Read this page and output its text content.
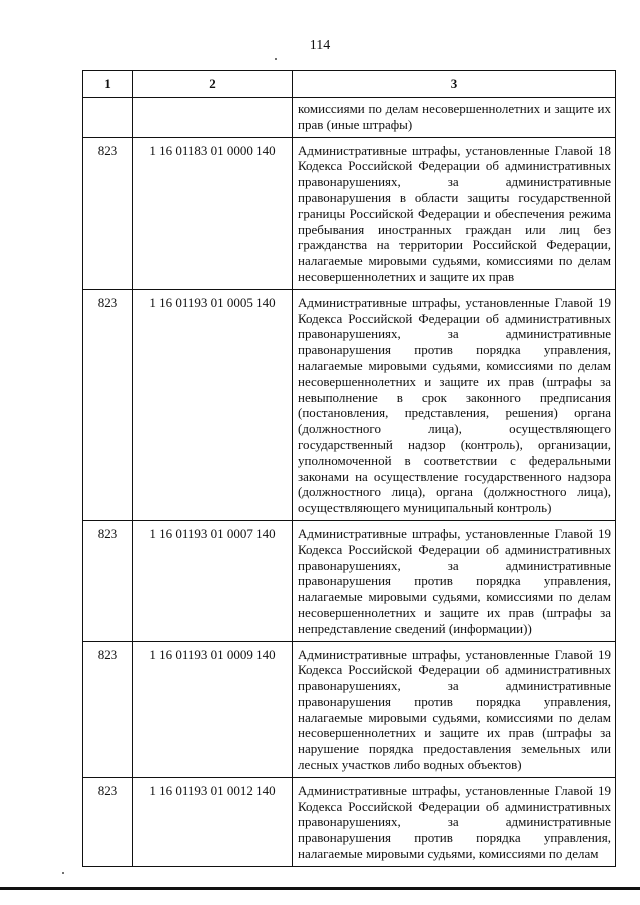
114
1	2	3
		комиссиями по делам несовершеннолетних и защите их прав (иные штрафы)
823	1 16 01183 01 0000 140	Административные штрафы, установленные Главой 18 Кодекса Российской Федерации об административных правонарушениях, за административные правонарушения в области защиты государственной границы Российской Федерации и обеспечения режима пребывания иностранных граждан или лиц без гражданства на территории Российской Федерации, налагаемые мировыми судьями, комиссиями по делам несовершеннолетних и защите их прав
823	1 16 01193 01 0005 140	Административные штрафы, установленные Главой 19 Кодекса Российской Федерации об административных правонарушениях, за административные правонарушения против порядка управления, налагаемые мировыми судьями, комиссиями по делам несовершеннолетних и защите их прав (штрафы за невыполнение в срок законного предписания (постановления, представления, решения) органа (должностного лица), осуществляющего государственный надзор (контроль), организации, уполномоченной в соответствии с федеральными законами на осуществление государственного надзора (должностного лица), органа (должностного лица), осуществляющего муниципальный контроль)
823	1 16 01193 01 0007 140	Административные штрафы, установленные Главой 19 Кодекса Российской Федерации об административных правонарушениях, за административные правонарушения против порядка управления, налагаемые мировыми судьями, комиссиями по делам несовершеннолетних и защите их прав (штрафы за непредставление сведений (информации))
823	1 16 01193 01 0009 140	Административные штрафы, установленные Главой 19 Кодекса Российской Федерации об административных правонарушениях, за административные правонарушения против порядка управления, налагаемые мировыми судьями, комиссиями по делам несовершеннолетних и защите их прав (штрафы за нарушение порядка предоставления земельных или лесных участков либо водных объектов)
823	1 16 01193 01 0012 140	Административные штрафы, установленные Главой 19 Кодекса Российской Федерации об административных правонарушениях, за административные правонарушения против порядка управления, налагаемые мировыми судьями, комиссиями по делам
